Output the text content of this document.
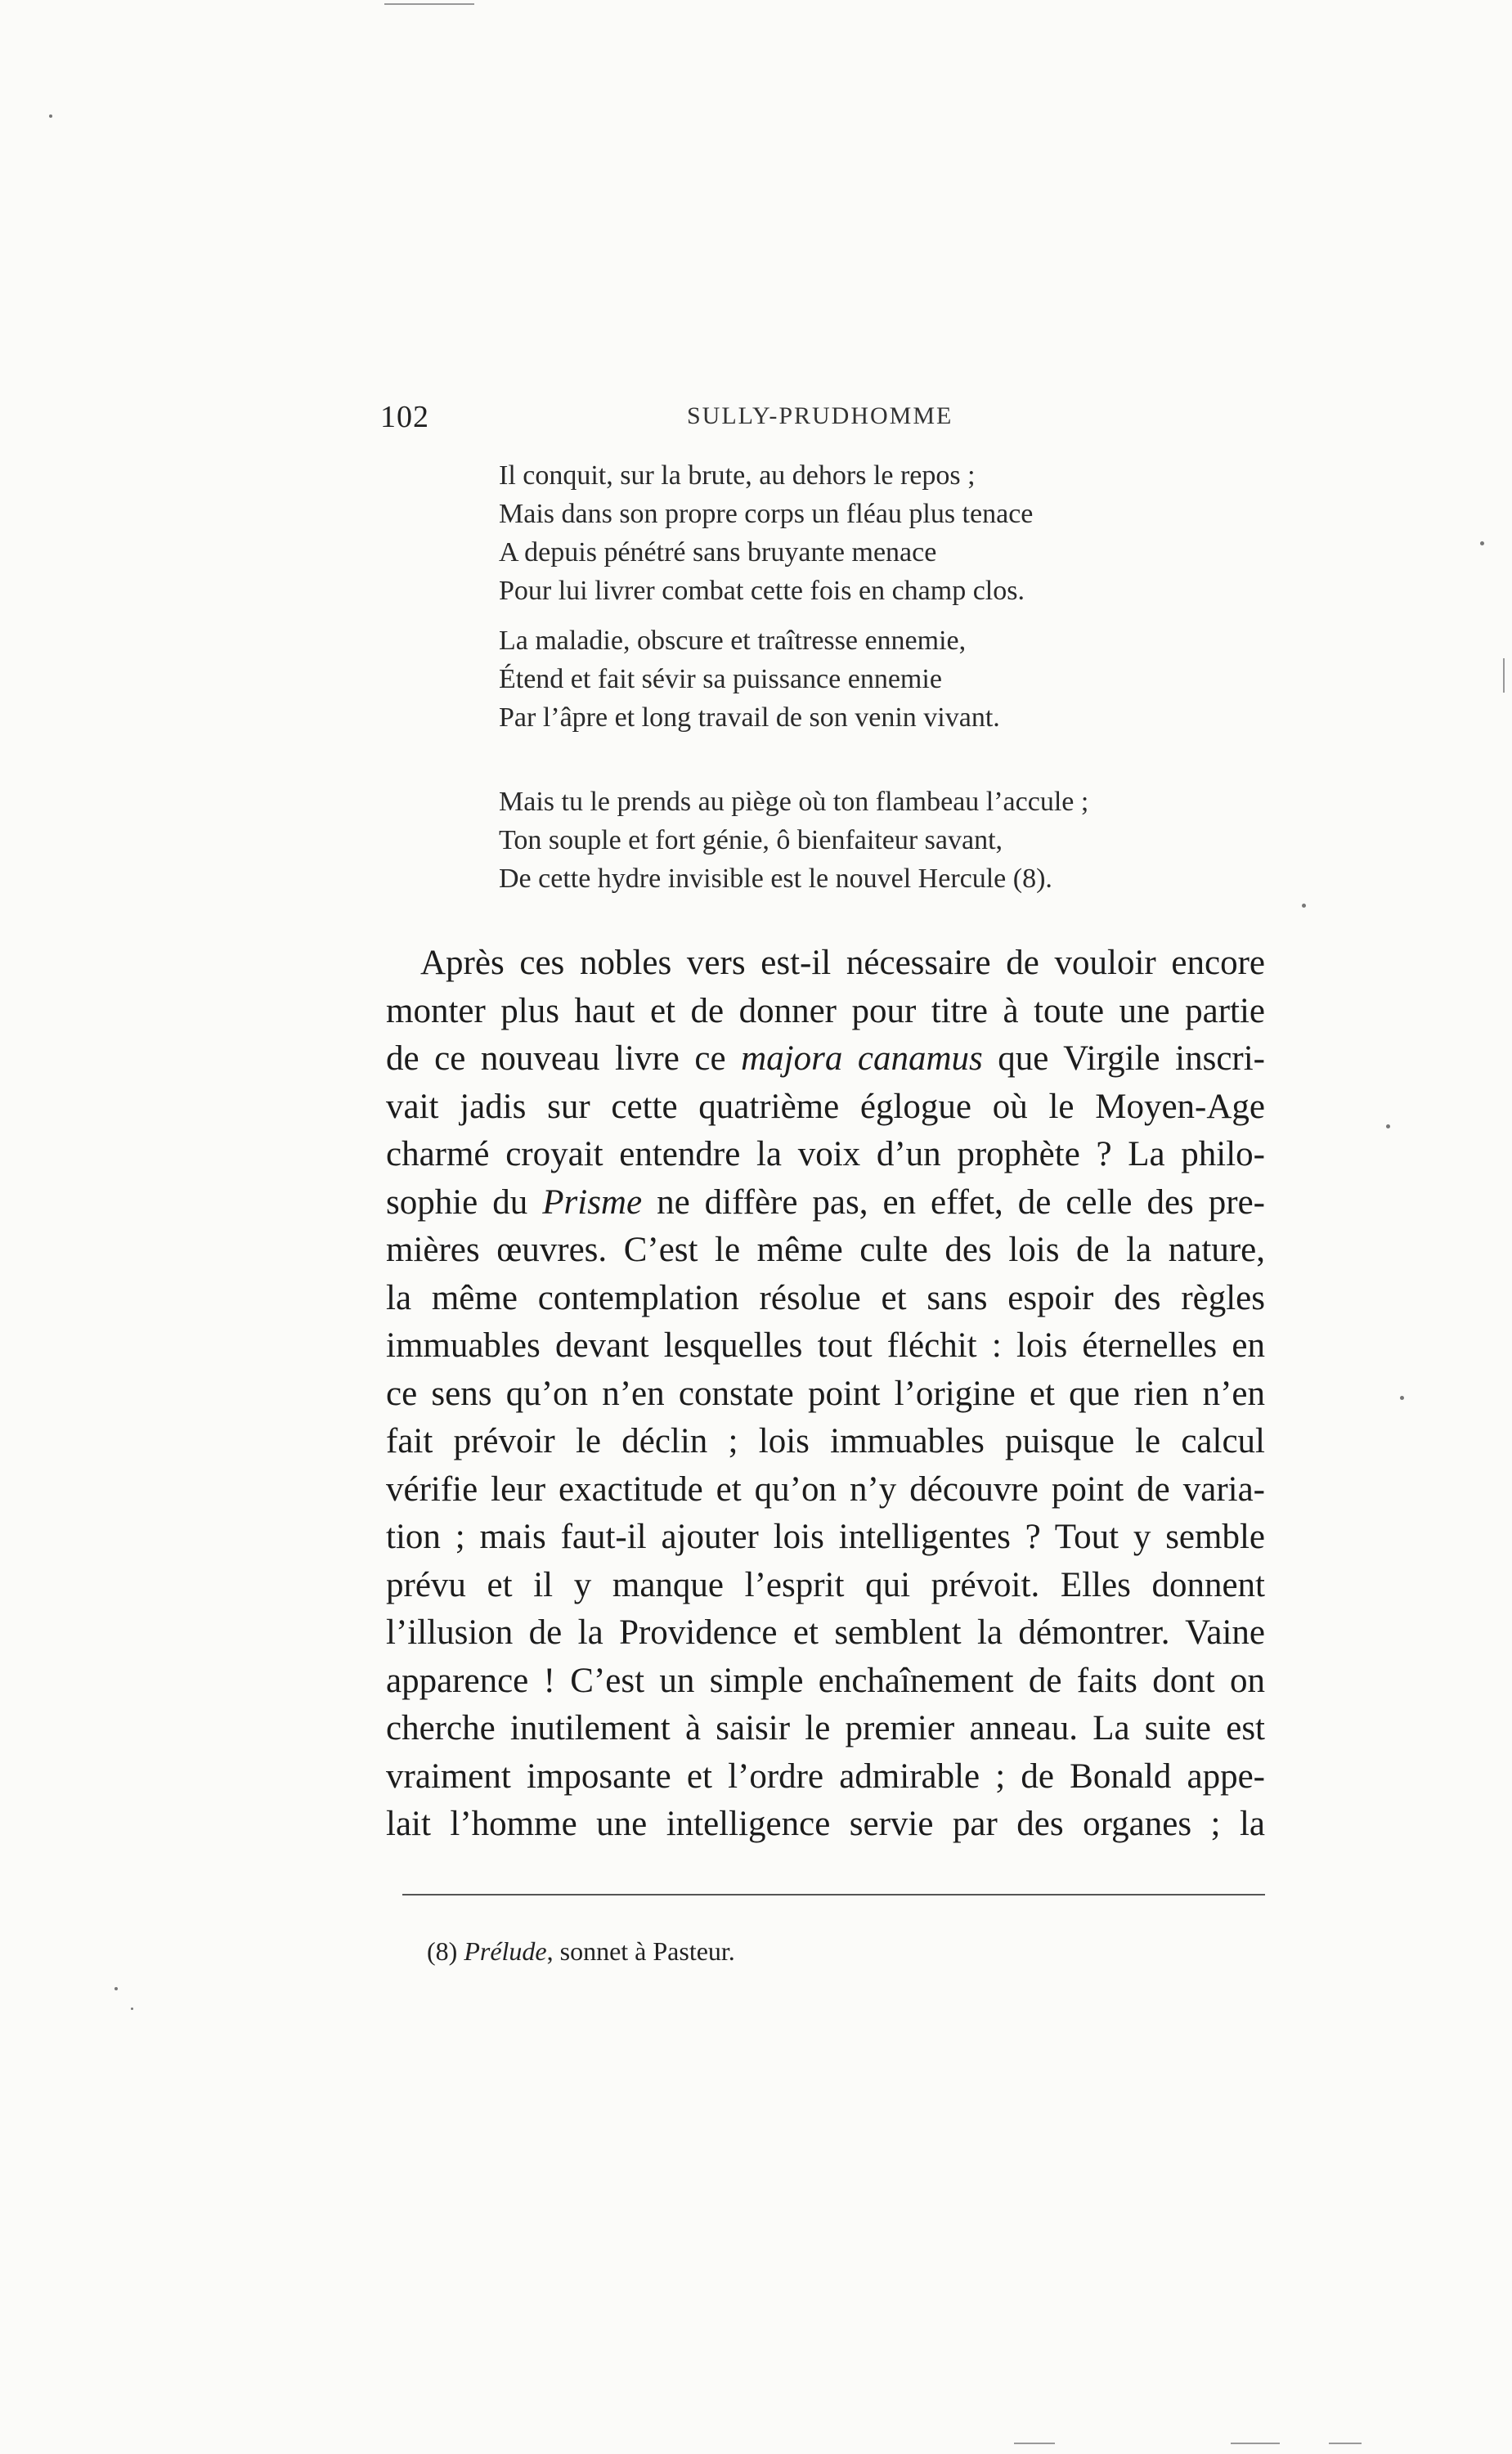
102	SULLY-PRUDHOMME
Il conquit, sur la brute, au dehors le repos ;
Mais dans son propre corps un fléau plus tenace
A depuis pénétré sans bruyante menace
Pour lui livrer combat cette fois en champ clos.
La maladie, obscure et traîtresse ennemie,
Étend et fait sévir sa puissance ennemie
Par l’âpre et long travail de son venin vivant.
Mais tu le prends au piège où ton flambeau l’accule ;
Ton souple et fort génie, ô bienfaiteur savant,
De cette hydre invisible est le nouvel Hercule (8).
Après ces nobles vers est-il nécessaire de vouloir encore
monter plus haut et de donner pour titre à toute une partie
de ce nouveau livre ce majora canamus que Virgile inscri-
vait jadis sur cette quatrième églogue où le Moyen-Age
charmé croyait entendre la voix d’un prophète ? La philo-
sophie du Prisme ne diffère pas, en effet, de celle des pre-
mières œuvres. C’est le même culte des lois de la nature,
la même contemplation résolue et sans espoir des règles
immuables devant lesquelles tout fléchit : lois éternelles en
ce sens qu’on n’en constate point l’origine et que rien n’en
fait prévoir le déclin ; lois immuables puisque le calcul
vérifie leur exactitude et qu’on n’y découvre point de varia-
tion ; mais faut-il ajouter lois intelligentes ? Tout y semble
prévu et il y manque l’esprit qui prévoit. Elles donnent
l’illusion de la Providence et semblent la démontrer. Vaine
apparence ! C’est un simple enchaînement de faits dont on
cherche inutilement à saisir le premier anneau. La suite est
vraiment imposante et l’ordre admirable ; de Bonald appe-
lait l’homme une intelligence servie par des organes ; la
(8) Prélude, sonnet à Pasteur.
